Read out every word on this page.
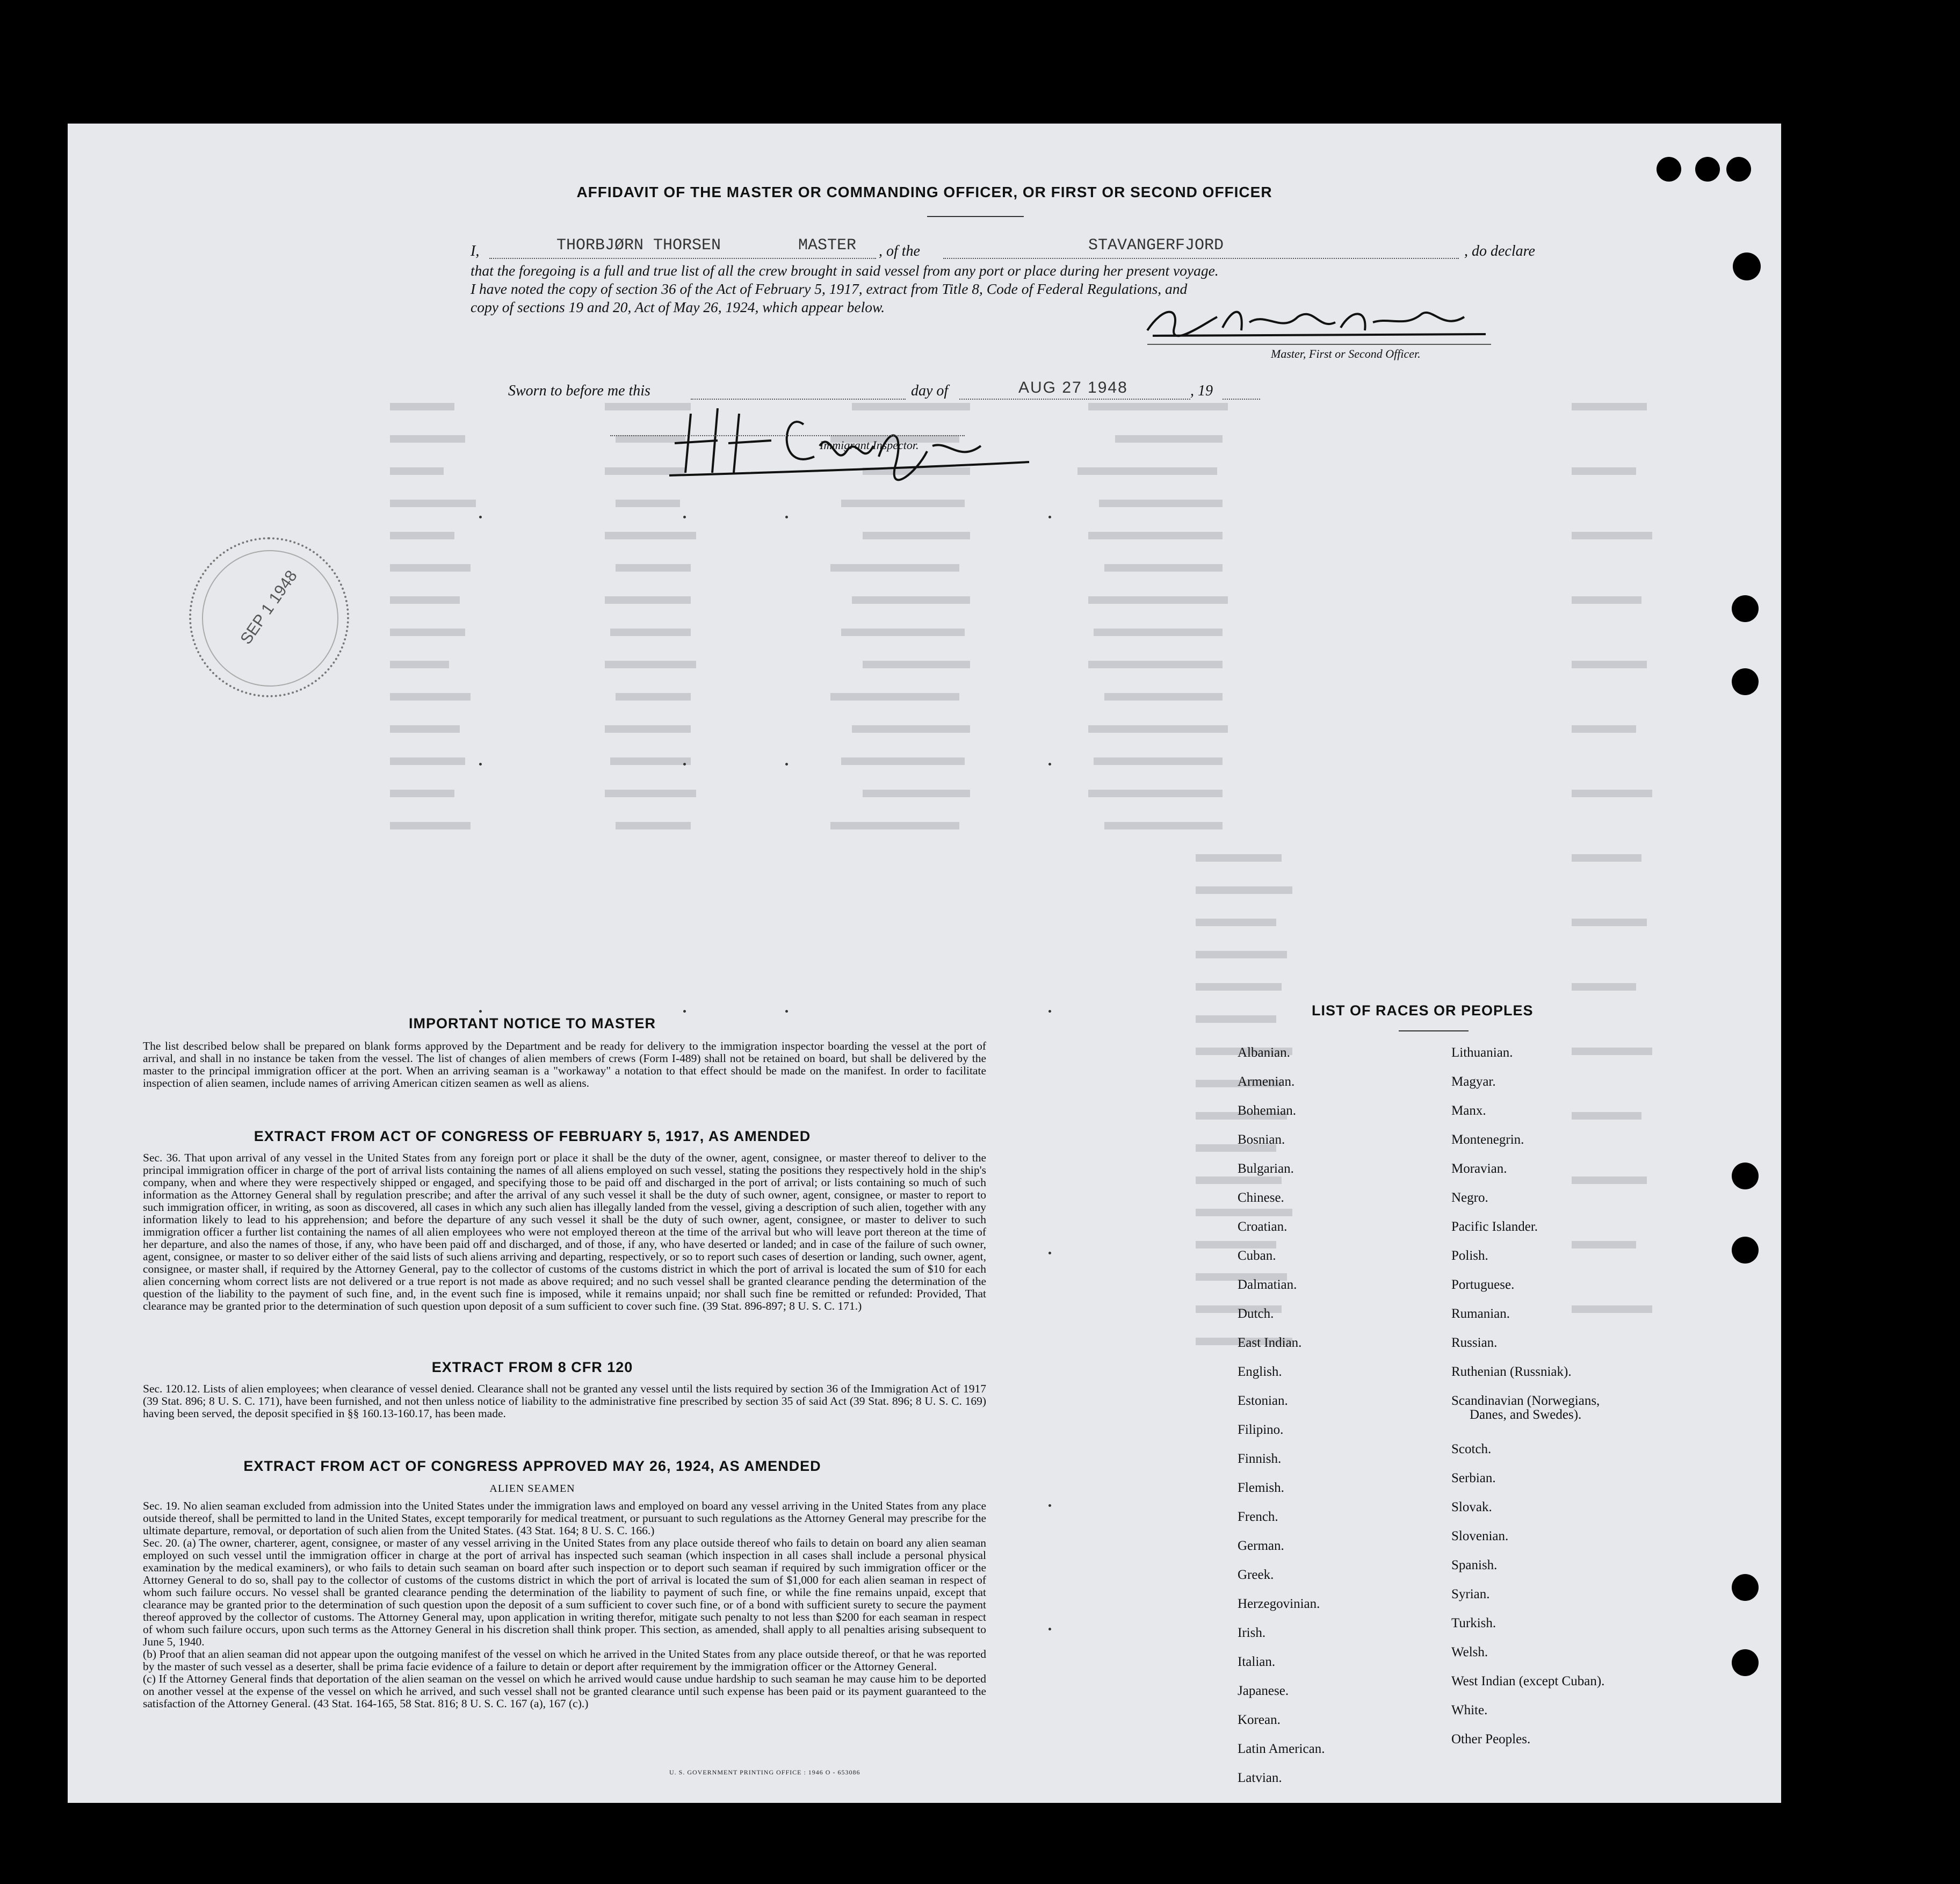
AFFIDAVIT OF THE MASTER OR COMMANDING OFFICER, OR FIRST OR SECOND OFFICER
I,	THORBJØRN THORSEN	MASTER , of the	STAVANGERFJORD	, do declare
that the foregoing is a full and true list of all the crew brought in said vessel from any port or place during her present voyage.
I have noted the copy of section 36 of the Act of February 5, 1917, extract from Title 8, Code of Federal Regulations, and
copy of sections 19 and 20, Act of May 26, 1924, which appear below.
Master, First or Second Officer.
Sworn to before me this	day of	AUG 27 1948	, 19
Immigrant Inspector.
SEP 1 1948
IMPORTANT NOTICE TO MASTER
The list described below shall be prepared on blank forms approved by the Department and be ready for delivery to the immigration inspector boarding the vessel at the port of arrival, and shall in no instance be taken from the vessel. The list of changes of alien members of crews (Form I-489) shall not be retained on board, but shall be delivered by the master to the principal immigration officer at the port. When an arriving seaman is a "workaway" a notation to that effect should be made on the manifest. In order to facilitate inspection of alien seamen, include names of arriving American citizen seamen as well as aliens.
EXTRACT FROM ACT OF CONGRESS OF FEBRUARY 5, 1917, AS AMENDED
Sec. 36. That upon arrival of any vessel in the United States from any foreign port or place it shall be the duty of the owner, agent, consignee, or master thereof to deliver to the principal immigration officer in charge of the port of arrival lists containing the names of all aliens employed on such vessel, stating the positions they respectively hold in the ship's company, when and where they were respectively shipped or engaged, and specifying those to be paid off and discharged in the port of arrival; or lists containing so much of such information as the Attorney General shall by regulation prescribe; and after the arrival of any such vessel it shall be the duty of such owner, agent, consignee, or master to report to such immigration officer, in writing, as soon as discovered, all cases in which any such alien has illegally landed from the vessel, giving a description of such alien, together with any information likely to lead to his apprehension; and before the departure of any such vessel it shall be the duty of such owner, agent, consignee, or master to deliver to such immigration officer a further list containing the names of all alien employees who were not employed thereon at the time of the arrival but who will leave port thereon at the time of her departure, and also the names of those, if any, who have been paid off and discharged, and of those, if any, who have deserted or landed; and in case of the failure of such owner, agent, consignee, or master to so deliver either of the said lists of such aliens arriving and departing, respectively, or so to report such cases of desertion or landing, such owner, agent, consignee, or master shall, if required by the Attorney General, pay to the collector of customs of the customs district in which the port of arrival is located the sum of $10 for each alien concerning whom correct lists are not delivered or a true report is not made as above required; and no such vessel shall be granted clearance pending the determination of the question of the liability to the payment of such fine, and, in the event such fine is imposed, while it remains unpaid; nor shall such fine be remitted or refunded: Provided, That clearance may be granted prior to the determination of such question upon deposit of a sum sufficient to cover such fine. (39 Stat. 896-897; 8 U. S. C. 171.)
EXTRACT FROM 8 CFR 120
Sec. 120.12. Lists of alien employees; when clearance of vessel denied. Clearance shall not be granted any vessel until the lists required by section 36 of the Immigration Act of 1917 (39 Stat. 896; 8 U. S. C. 171), have been furnished, and not then unless notice of liability to the administrative fine prescribed by section 35 of said Act (39 Stat. 896; 8 U. S. C. 169) having been served, the deposit specified in §§ 160.13-160.17, has been made.
EXTRACT FROM ACT OF CONGRESS APPROVED MAY 26, 1924, AS AMENDED
ALIEN SEAMEN

Sec. 19. No alien seaman excluded from admission into the United States under the immigration laws and employed on board any vessel arriving in the United States from any place outside thereof, shall be permitted to land in the United States, except temporarily for medical treatment, or pursuant to such regulations as the Attorney General may prescribe for the ultimate departure, removal, or deportation of such alien from the United States. (43 Stat. 164; 8 U. S. C. 166.)

Sec. 20. (a) The owner, charterer, agent, consignee, or master of any vessel arriving in the United States from any place outside thereof who fails to detain on board any alien seaman employed on such vessel until the immigration officer in charge at the port of arrival has inspected such seaman (which inspection in all cases shall include a personal physical examination by the medical examiners), or who fails to detain such seaman on board after such inspection or to deport such seaman if required by such immigration officer or the Attorney General to do so, shall pay to the collector of customs of the customs district in which the port of arrival is located the sum of $1,000 for each alien seaman in respect of whom such failure occurs. No vessel shall be granted clearance pending the determination of the liability to payment of such fine, or while the fine remains unpaid, except that clearance may be granted prior to the determination of such question upon the deposit of a sum sufficient to cover such fine, or of a bond with sufficient surety to secure the payment thereof approved by the collector of customs. The Attorney General may, upon application in writing therefor, mitigate such penalty to not less than $200 for each seaman in respect of whom such failure occurs, upon such terms as the Attorney General in his discretion shall think proper. This section, as amended, shall apply to all penalties arising subsequent to June 5, 1940.

(b) Proof that an alien seaman did not appear upon the outgoing manifest of the vessel on which he arrived in the United States from any place outside thereof, or that he was reported by the master of such vessel as a deserter, shall be prima facie evidence of a failure to detain or deport after requirement by the immigration officer or the Attorney General.

(c) If the Attorney General finds that deportation of the alien seaman on the vessel on which he arrived would cause undue hardship to such seaman he may cause him to be deported on another vessel at the expense of the vessel on which he arrived, and such vessel shall not be granted clearance until such expense has been paid or its payment guaranteed to the satisfaction of the Attorney General. (43 Stat. 164-165, 58 Stat. 816; 8 U. S. C. 167 (a), 167 (c).)

U. S. GOVERNMENT PRINTING OFFICE : 1946 O - 653086
LIST OF RACES OR PEOPLES
Albanian.
Armenian.
Bohemian.
Bosnian.
Bulgarian.
Chinese.
Croatian.
Cuban.
Dalmatian.
Dutch.
East Indian.
English.
Estonian.
Filipino.
Finnish.
Flemish.
French.
German.
Greek.
Herzegovinian.
Irish.
Italian.
Japanese.
Korean.
Latin American.
Latvian.
Lithuanian.
Magyar.
Manx.
Montenegrin.
Moravian.
Negro.
Pacific Islander.
Polish.
Portuguese.
Rumanian.
Russian.
Ruthenian (Russniak).
Scandinavian (Norwegians,
Danes, and Swedes).
Scotch.
Serbian.
Slovak.
Slovenian.
Spanish.
Syrian.
Turkish.
Welsh.
West Indian (except Cuban).
White.
Other Peoples.
